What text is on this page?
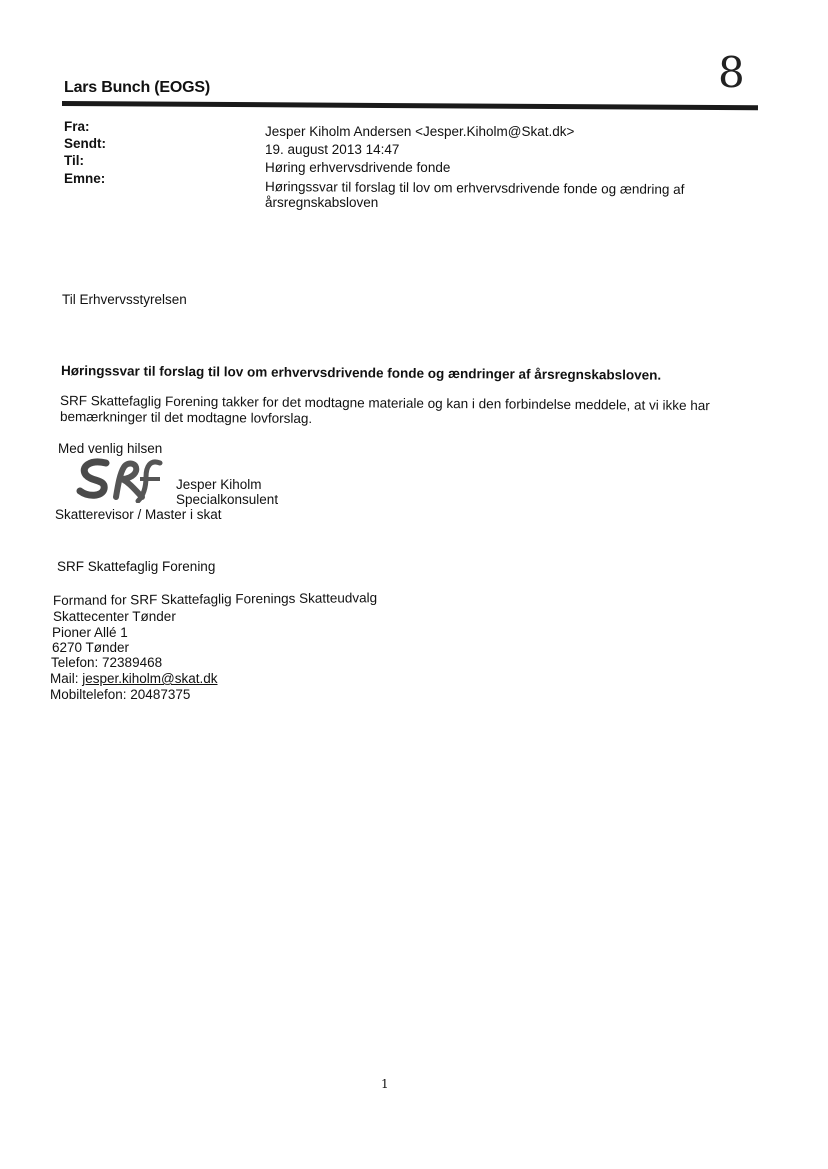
8
Lars Bunch (EOGS)
Fra:
Sendt:
Til:
Emne:
Jesper Kiholm Andersen <Jesper.Kiholm@Skat.dk>
19. august 2013 14:47
Høring erhvervsdrivende fonde
Høringssvar til forslag til lov om erhvervsdrivende fonde og ændring af
årsregnskabsloven
Til Erhvervsstyrelsen
Høringssvar til forslag til lov om erhvervsdrivende fonde og ændringer af årsregnskabsloven.
SRF Skattefaglig Forening takker for det modtagne materiale og kan i den forbindelse meddele, at vi ikke har
bemærkninger til det modtagne lovforslag.
Med venlig hilsen
SRF
Jesper Kiholm
Specialkonsulent
Skatterevisor / Master i skat
SRF Skattefaglig Forening
Formand for SRF Skattefaglig Forenings Skatteudvalg
Skattecenter Tønder
Pioner Allé 1
6270 Tønder
Telefon: 72389468
Mail: jesper.kiholm@skat.dk
Mobiltelefon: 20487375
1
